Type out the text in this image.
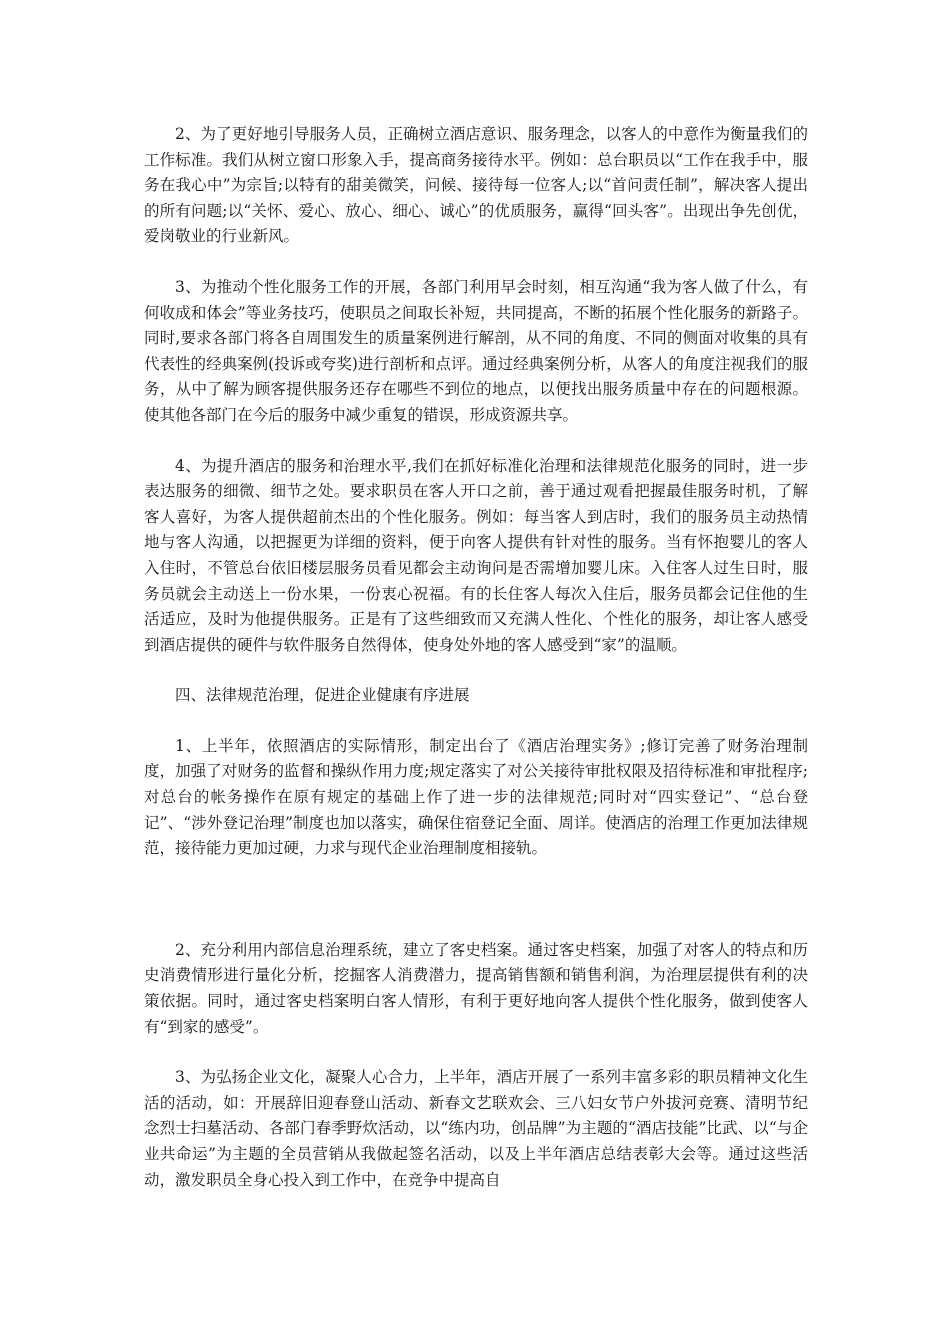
2、为了更好地引导服务人员，正确树立酒店意识、服务理念，以客人的中意作为衡量我们的工作标准。我们从树立窗口形象入手，提高商务接待水平。例如：总台职员以“工作在我手中，服务在我心中”为宗旨;以特有的甜美微笑，问候、接待每一位客人;以“首问责任制”，解决客人提出的所有问题;以“关怀、爱心、放心、细心、诚心”的优质服务，赢得“回头客”。出现出争先创优，爱岗敬业的行业新风。

3、为推动个性化服务工作的开展，各部门利用早会时刻，相互沟通“我为客人做了什么，有何收成和体会”等业务技巧，使职员之间取长补短，共同提高，不断的拓展个性化服务的新路子。同时,要求各部门将各自周围发生的质量案例进行解剖，从不同的角度、不同的侧面对收集的具有代表性的经典案例(投诉或夸奖)进行剖析和点评。通过经典案例分析，从客人的角度注视我们的服务，从中了解为顾客提供服务还存在哪些不到位的地点，以便找出服务质量中存在的问题根源。使其他各部门在今后的服务中减少重复的错误，形成资源共享。

4、为提升酒店的服务和治理水平,我们在抓好标准化治理和法律规范化服务的同时，进一步表达服务的细微、细节之处。要求职员在客人开口之前，善于通过观看把握最佳服务时机，了解客人喜好，为客人提供超前杰出的个性化服务。例如：每当客人到店时，我们的服务员主动热情地与客人沟通，以把握更为详细的资料，便于向客人提供有针对性的服务。当有怀抱婴儿的客人入住时，不管总台依旧楼层服务员看见都会主动询问是否需增加婴儿床。入住客人过生日时，服务员就会主动送上一份水果，一份衷心祝福。有的长住客人每次入住后，服务员都会记住他的生活适应，及时为他提供服务。正是有了这些细致而又充满人性化、个性化的服务，却让客人感受到酒店提供的硬件与软件服务自然得体，使身处外地的客人感受到“家”的温顺。

四、法律规范治理，促进企业健康有序进展

1、上半年，依照酒店的实际情形，制定出台了《酒店治理实务》;修订完善了财务治理制度，加强了对财务的监督和操纵作用力度;规定落实了对公关接待审批权限及招待标准和审批程序;对总台的帐务操作在原有规定的基础上作了进一步的法律规范;同时对“四实登记”、“总台登记”、“涉外登记治理”制度也加以落实，确保住宿登记全面、周详。使酒店的治理工作更加法律规范，接待能力更加过硬，力求与现代企业治理制度相接轨。

2、充分利用内部信息治理系统，建立了客史档案。通过客史档案，加强了对客人的特点和历史消费情形进行量化分析，挖掘客人消费潜力，提高销售额和销售利润，为治理层提供有利的决策依据。同时，通过客史档案明白客人情形，有利于更好地向客人提供个性化服务，做到使客人有“到家的感受”。

3、为弘扬企业文化，凝聚人心合力，上半年，酒店开展了一系列丰富多彩的职员精神文化生活的活动，如：开展辞旧迎春登山活动、新春文艺联欢会、三八妇女节户外拔河竞赛、清明节纪念烈士扫墓活动、各部门春季野炊活动，以“练内功，创品牌”为主题的“酒店技能”比武、以“与企业共命运”为主题的全员营销从我做起签名活动，以及上半年酒店总结表彰大会等。通过这些活动，激发职员全身心投入到工作中，在竞争中提高自
